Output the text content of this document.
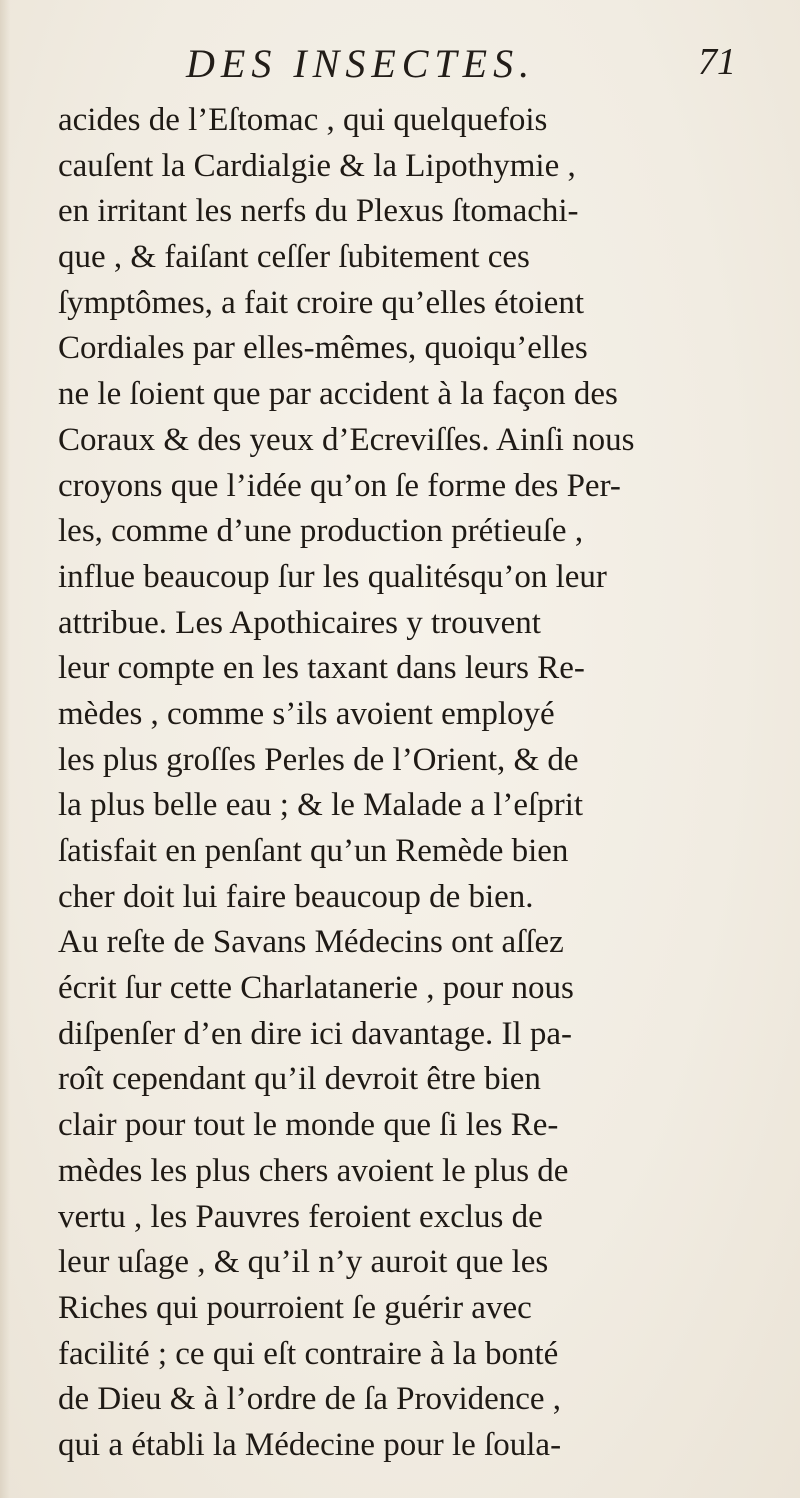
DES INSECTES.	71
acides de l’Eſtomac , qui quelquefois
cauſent la Cardialgie & la Lipothymie ,
en irritant les nerfs du Plexus ſtomachi-
que , & faiſant ceſſer ſubitement ces
ſymptômes, a fait croire qu’elles étoient
Cordiales par elles-mêmes, quoiqu’elles
ne le ſoient que par accident à la façon des
Coraux & des yeux d’Ecreviſſes. Ainſi nous
croyons que l’idée qu’on ſe forme des Per-
les, comme d’une production prétieuſe ,
influe beaucoup ſur les qualitésqu’on leur
attribue. Les Apothicaires y trouvent
leur compte en les taxant dans leurs Re-
mèdes , comme s’ils avoient employé
les plus groſſes Perles de l’Orient, & de
la plus belle eau ; & le Malade a l’eſprit
ſatisfait en penſant qu’un Remède bien
cher doit lui faire beaucoup de bien.
Au reſte de Savans Médecins ont aſſez
écrit ſur cette Charlatanerie , pour nous
diſpenſer d’en dire ici davantage. Il pa-
roît cependant qu’il devroit être bien
clair pour tout le monde que ſi les Re-
mèdes les plus chers avoient le plus de
vertu , les Pauvres feroient exclus de
leur uſage , & qu’il n’y auroit que les
Riches qui pourroient ſe guérir avec
facilité ; ce qui eſt contraire à la bonté
de Dieu & à l’ordre de ſa Providence ,
qui a établi la Médecine pour le ſoula-
